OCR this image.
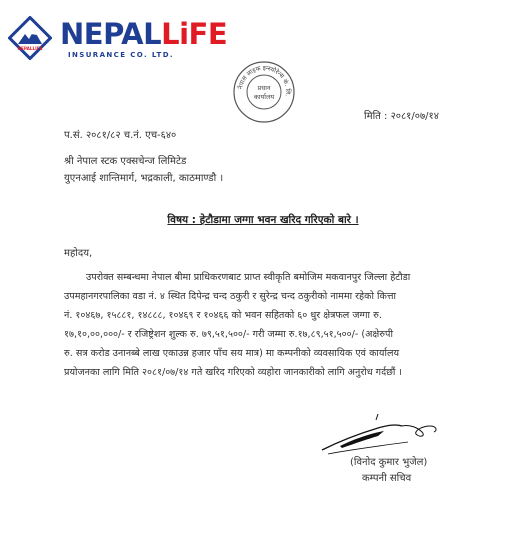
NEPALLIFE NEPALLiFE
INSURANCE CO. LTD.
नेपाल लाइफ इन्स्योरेन्स कं. लि.
प्रधान
कार्यालय
मिति : २०८१/०७/१४
प.सं. २०८१/८२ च.नं. एच-६४०
श्री नेपाल स्टक एक्सचेन्ज लिमिटेड
युएनआई शान्तिमार्ग, भद्रकाली, काठमाण्डौ ।
विषय : हेटौडामा जग्गा भवन खरिद गरिएको बारे ।
महोदय,
उपरोक्त सम्बन्धमा नेपाल बीमा प्राधिकरणबाट प्राप्त स्वीकृति बमोजिम मकवानपुर जिल्ला हेटौडा
उपमहानगरपालिका वडा नं. ४ स्थित दिपेन्द्र चन्द ठकुरी र सुरेन्द्र चन्द ठकुरीको नाममा रहेको कित्ता
नं. १०४६७, १५८८१, १४८८८, १०४६९ र १०४६६ को भवन सहितको ६० धुर क्षेत्रफल जग्गा रु.
१७,१०,००,०००/- र रजिष्ट्रेशन शुल्क रु. ७९,५१,५००/- गरी जम्मा रु.१७,८९,५१,५००/- (अक्षेरुपी
रु. सत्र करोड उनानब्बे लाख एकाउन्न हजार पाँच सय मात्र) मा कम्पनीको व्यवसायिक एवं कार्यालय
प्रयोजनका लागि मिति २०८१/०७/१४ गते खरिद गरिएको व्यहोरा जानकारीको लागि अनुरोध गर्दछौं ।
(विनोद कुमार भुजेल)
कम्पनी सचिव
